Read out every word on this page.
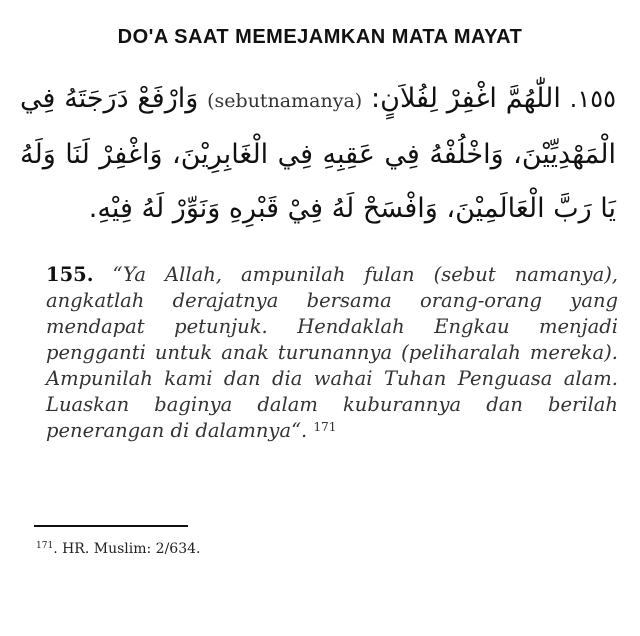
DO'A SAAT MEMEJAMKAN MATA MAYAT
١٥٥. اللّٰهُمَّ اغْفِرْ لِفُلاَنٍ: (sebutnamanya) وَارْفَعْ دَرَجَتَهُ فِي الْمَهْدِيِّيْنَ، وَاخْلُفْهُ فِي عَقِبِهِ فِي الْغَابِرِيْنَ، وَاغْفِرْ لَنَا وَلَهُ يَا رَبَّ الْعَالَمِيْنَ، وَافْسَحْ لَهُ فِيْ قَبْرِهِ وَنَوِّرْ لَهُ فِيْهِ.
155. “Ya Allah, ampunilah fulan (sebut namanya), angkatlah derajatnya bersama orang-orang yang mendapat petunjuk. Hendaklah Engkau menjadi pengganti untuk anak turunannya (peliharalah mereka). Ampunilah kami dan dia wahai Tuhan Penguasa alam. Luaskan baginya dalam kuburannya dan berilah penerangan di dalamnya“. $^{171}$
$^{171}$. HR. Muslim: 2/634.
